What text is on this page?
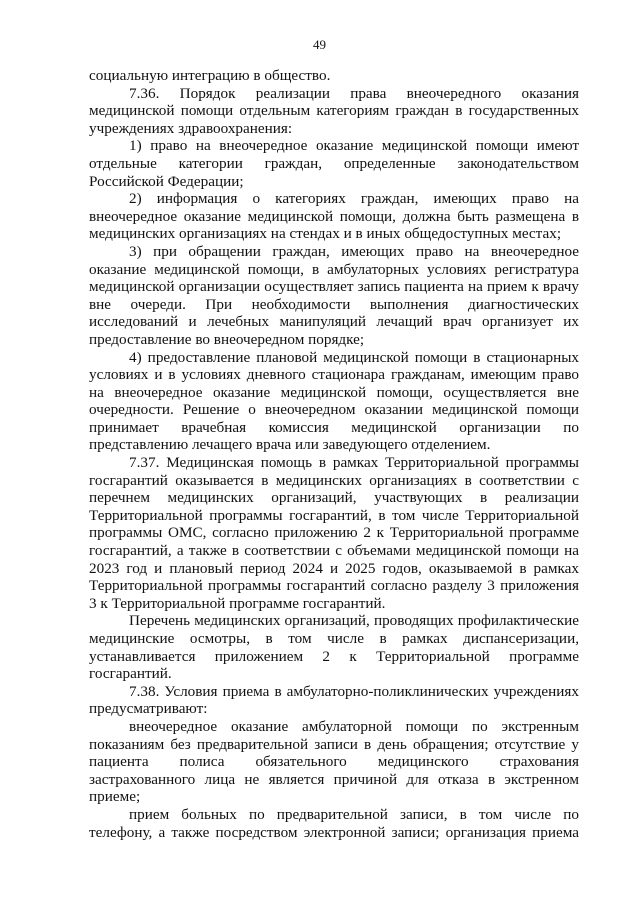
49

социальную интеграцию в общество.

7.36. Порядок реализации права внеочередного оказания медицинской помощи отдельным категориям граждан в государственных учреждениях здравоохранения:

1) право на внеочередное оказание медицинской помощи имеют отдельные категории граждан, определенные законодательством Российской Федерации;

2) информация о категориях граждан, имеющих право на внеочередное оказание медицинской помощи, должна быть размещена в медицинских организациях на стендах и в иных общедоступных местах;

3) при обращении граждан, имеющих право на внеочередное оказание медицинской помощи, в амбулаторных условиях регистратура медицинской организации осуществляет запись пациента на прием к врачу вне очереди. При необходимости выполнения диагностических исследований и лечебных манипуляций лечащий врач организует их предоставление во внеочередном порядке;

4) предоставление плановой медицинской помощи в стационарных условиях и в условиях дневного стационара гражданам, имеющим право на внеочередное оказание медицинской помощи, осуществляется вне очередности. Решение о внеочередном оказании медицинской помощи принимает врачебная комиссия медицинской организации по представлению лечащего врача или заведующего отделением.

7.37. Медицинская помощь в рамках Территориальной программы госгарантий оказывается в медицинских организациях в соответствии с перечнем медицинских организаций, участвующих в реализации Территориальной программы госгарантий, в том числе Территориальной программы ОМС, согласно приложению 2 к Территориальной программе госгарантий, а также в соответствии с объемами медицинской помощи на 2023 год и плановый период 2024 и 2025 годов, оказываемой в рамках Территориальной программы госгарантий согласно разделу 3 приложения 3 к Территориальной программе госгарантий.

Перечень медицинских организаций, проводящих профилактические медицинские осмотры, в том числе в рамках диспансеризации, устанавливается приложением 2 к Территориальной программе госгарантий.

7.38. Условия приема в амбулаторно-поликлинических учреждениях предусматривают:

внеочередное оказание амбулаторной помощи по экстренным показаниям без предварительной записи в день обращения; отсутствие у пациента полиса обязательного медицинского страхования застрахованного лица не является причиной для отказа в экстренном приеме;

прием больных по предварительной записи, в том числе по телефону, а также посредством электронной записи; организация приема
